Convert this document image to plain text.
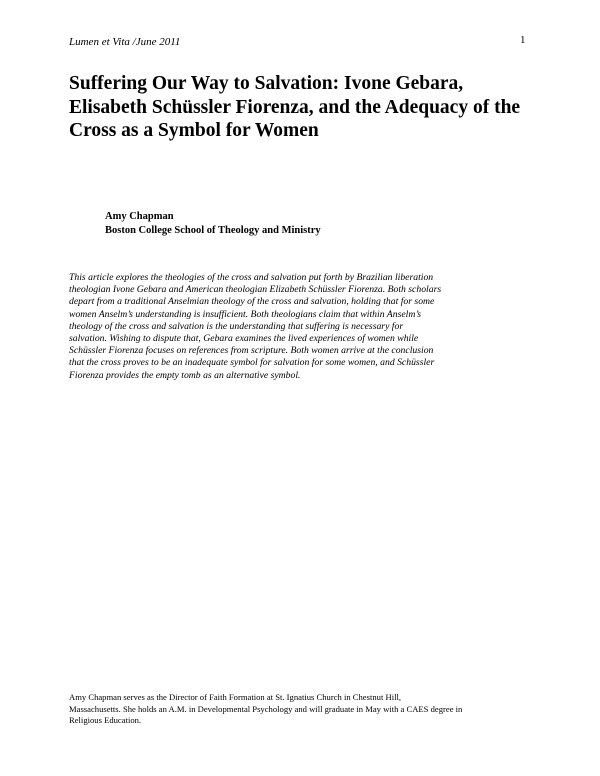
Lumen et Vita /June 2011	1
Suffering Our Way to Salvation: Ivone Gebara,
Elisabeth Schüssler Fiorenza, and the Adequacy of the
Cross as a Symbol for Women
Amy Chapman
Boston College School of Theology and Ministry
This article explores the theologies of the cross and salvation put forth by Brazilian liberation
theologian Ivone Gebara and American theologian Elizabeth Schüssler Fiorenza. Both scholars
depart from a traditional Anselmian theology of the cross and salvation, holding that for some
women Anselm’s understanding is insufficient. Both theologians claim that within Anselm’s
theology of the cross and salvation is the understanding that suffering is necessary for
salvation. Wishing to dispute that, Gebara examines the lived experiences of women while
Schüssler Fiorenza focuses on references from scripture. Both women arrive at the conclusion
that the cross proves to be an inadequate symbol for salvation for some women, and Schüssler
Fiorenza provides the empty tomb as an alternative symbol.
Amy Chapman serves as the Director of Faith Formation at St. Ignatius Church in Chestnut Hill,
Massachusetts. She holds an A.M. in Developmental Psychology and will graduate in May with a CAES degree in
Religious Education.
